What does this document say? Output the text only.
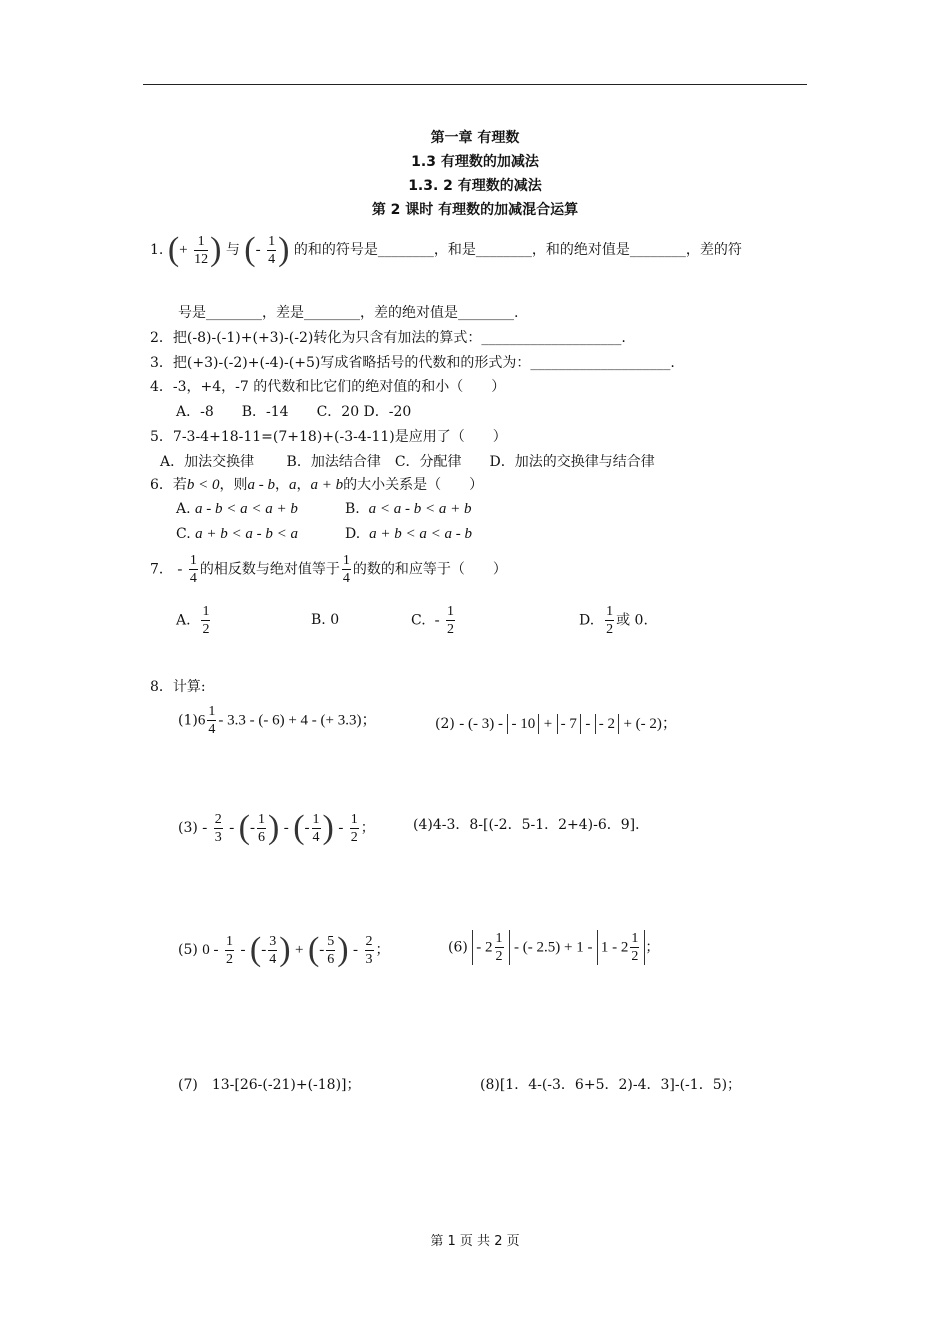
第一章 有理数
1.3 有理数的加减法
1.3. 2 有理数的减法
第 2 课时 有理数的加减混合运算
1. (+ $\frac{1}{12}$ ) 与 (- $\frac{1}{4}$ ) 的和的符号是________，和是________，和的绝对值是________，差的符
号是________，差是________，差的绝对值是________.
2．把(-8)-(-1)+(+3)-(-2)转化为只含有加法的算式：____________________.
3．把(+3)-(-2)+(-4)-(+5)写成省略括号的代数和的形式为：____________________.
4．-3，+4，-7 的代数和比它们的绝对值的和小（　　）
A．-8　　B．-14　　C．20 D．-20
5．7-3-4+18-11=(7+18)+(-3-4-11)是应用了（　　）
A．加法交换律　　 B．加法结合律　C．分配律　　D．加法的交换律与结合律
6．若b < 0，则a - b，a，a + b的大小关系是（　　）
A. a - b < a < a + b	B. a < a - b < a + b
C. a + b < a - b < a	D. a + b < a < a - b
7． - $\frac{1}{4}$ 的相反数与绝对值等于 $\frac{1}{4}$ 的数的和应等于（　　）
A. $\frac{1}{2}$	B. 0	C. - $\frac{1}{2}$	D. $\frac{1}{2}$ 或 0.
8．计算:
$(1)6 \frac{1}{4} - 3.3$ - (- 6) + 4 - (+ 3.3)；	(2) - (- 3) - - 10 + - 7 - - 2 + (- 2)；
$(3) - \frac{2}{3}$ - (- $\frac{1}{6}$ ) - (- $\frac{1}{4}$ ) - $\frac{1}{2}$ ；	(4)4-3．8-[(-2．5-1．2+4)-6．9]．
(5) $0 - \frac{1}{2}$ - (- $\frac{3}{4}$ ) + (- $\frac{5}{6}$ ) - $\frac{2}{3}$ ；	$(6) - 2 \frac{1}{2}$ - (- $2.5) + 1 - 1 - 2 \frac{1}{2}$ ；
(7)　13-[26-(-21)+(-18)]；	(8)[1．4-(-3．6+5．2)-4．3]-(-1．5)；
第 1 页 共 2 页
